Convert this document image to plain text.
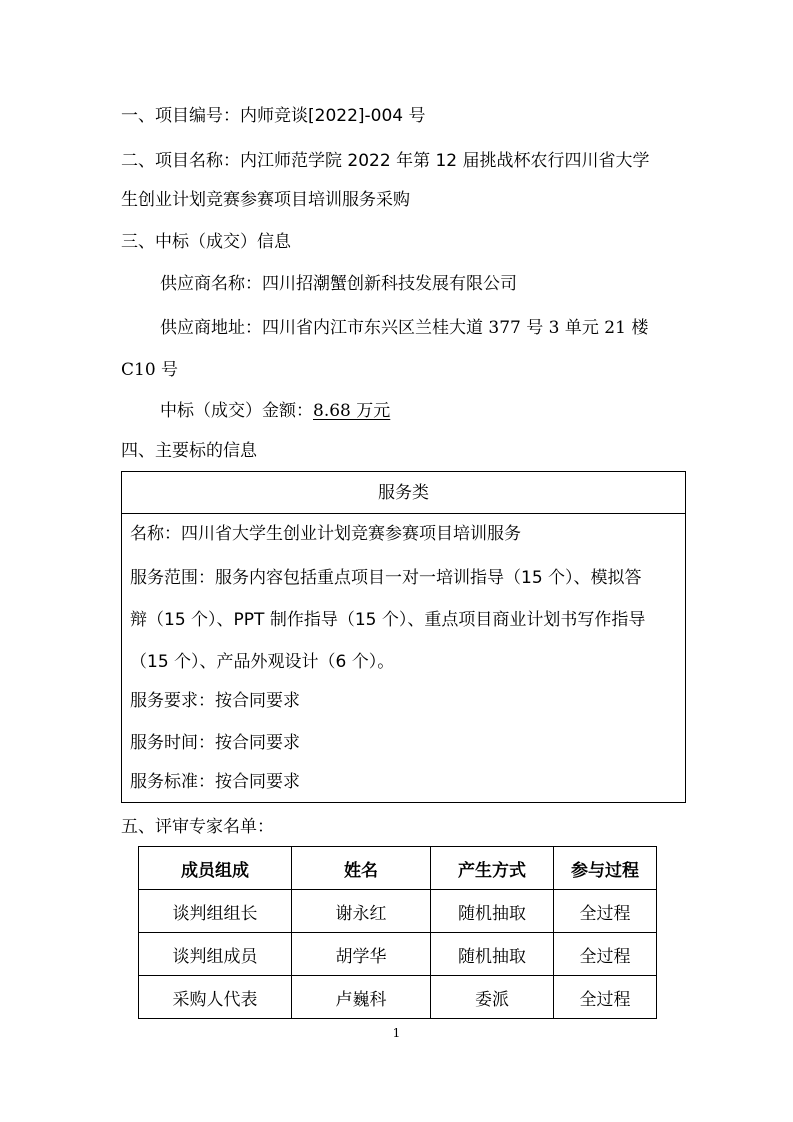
一、项目编号：内师竞谈[2022]-004 号
二、项目名称：内江师范学院 2022 年第 12 届挑战杯农行四川省大学
生创业计划竞赛参赛项目培训服务采购
三、中标（成交）信息
供应商名称：四川招潮蟹创新科技发展有限公司
供应商地址：四川省内江市东兴区兰桂大道 377 号 3 单元 21 楼
C10 号
中标（成交）金额：8.68 万元
四、主要标的信息
服务类
名称：四川省大学生创业计划竞赛参赛项目培训服务
服务范围：服务内容包括重点项目一对一培训指导（15 个）、模拟答
辩（15 个）、PPT 制作指导（15 个）、重点项目商业计划书写作指导
（15 个）、产品外观设计（6 个）。
服务要求：按合同要求
服务时间：按合同要求
服务标准：按合同要求
五、评审专家名单：
成员组成	姓名	产生方式	参与过程
谈判组组长	谢永红	随机抽取	全过程
谈判组成员	胡学华	随机抽取	全过程
采购人代表	卢巍科	委派	全过程
1
